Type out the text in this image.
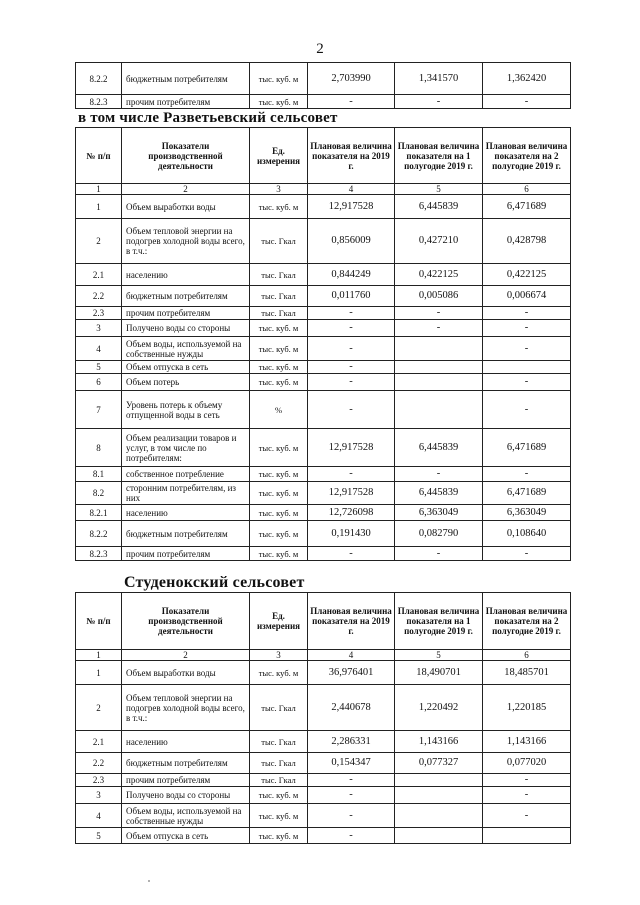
2
8.2.2	бюджетным потребителям	тыс. куб. м	2,703990	1,341570	1,362420
8.2.3	прочим потребителям	тыс. куб. м	-	-	-
в том числе Разветьевский сельсовет
№ п/п	Показатели производственной деятельности	Ед. измерения	Плановая величина показателя на 2019 г.	Плановая величина показателя на 1 полугодие 2019 г.	Плановая величина показателя на 2 полугодие 2019 г.
1	2	3	4	5	6
1	Объем выработки воды	тыс. куб. м	12,917528	6,445839	6,471689
2	Объем тепловой энергии на подогрев холодной воды всего, в т.ч.:	тыс. Гкал	0,856009	0,427210	0,428798
2.1	населению	тыс. Гкал	0,844249	0,422125	0,422125
2.2	бюджетным потребителям	тыс. Гкал	0,011760	0,005086	0,006674
2.3	прочим потребителям	тыс. Гкал	-	-	-
3	Получено воды со стороны	тыс. куб. м	-	-	-
4	Объем воды, используемой на собственные нужды	тыс. куб. м	-		-
5	Объем отпуска в сеть	тыс. куб. м	-		
6	Объем потерь	тыс. куб. м	-		-
7	Уровень потерь к объему отпущенной воды в сеть	%	-		-
8	Объем реализации товаров и услуг, в том числе по потребителям:	тыс. куб. м	12,917528	6,445839	6,471689
8.1	собственное потребление	тыс. куб. м	-	-	-
8.2	сторонним потребителям, из них	тыс. куб. м	12,917528	6,445839	6,471689
8.2.1	населению	тыс. куб. м	12,726098	6,363049	6,363049
8.2.2	бюджетным потребителям	тыс. куб. м	0,191430	0,082790	0,108640
8.2.3	прочим потребителям	тыс. куб. м	-	-	-
Студенокский сельсовет
№ п/п	Показатели производственной деятельности	Ед. измерения	Плановая величина показателя на 2019 г.	Плановая величина показателя на 1 полугодие 2019 г.	Плановая величина показателя на 2 полугодие 2019 г.
1	2	3	4	5	6
1	Объем выработки воды	тыс. куб. м	36,976401	18,490701	18,485701
2	Объем тепловой энергии на подогрев холодной воды всего, в т.ч.:	тыс. Гкал	2,440678	1,220492	1,220185
2.1	населению	тыс. Гкал	2,286331	1,143166	1,143166
2.2	бюджетным потребителям	тыс. Гкал	0,154347	0,077327	0,077020
2.3	прочим потребителям	тыс. Гкал	-		-
3	Получено воды со стороны	тыс. куб. м	-		-
4	Объем воды, используемой на собственные нужды	тыс. куб. м	-		-
5	Объем отпуска в сеть	тыс. куб. м	-		
